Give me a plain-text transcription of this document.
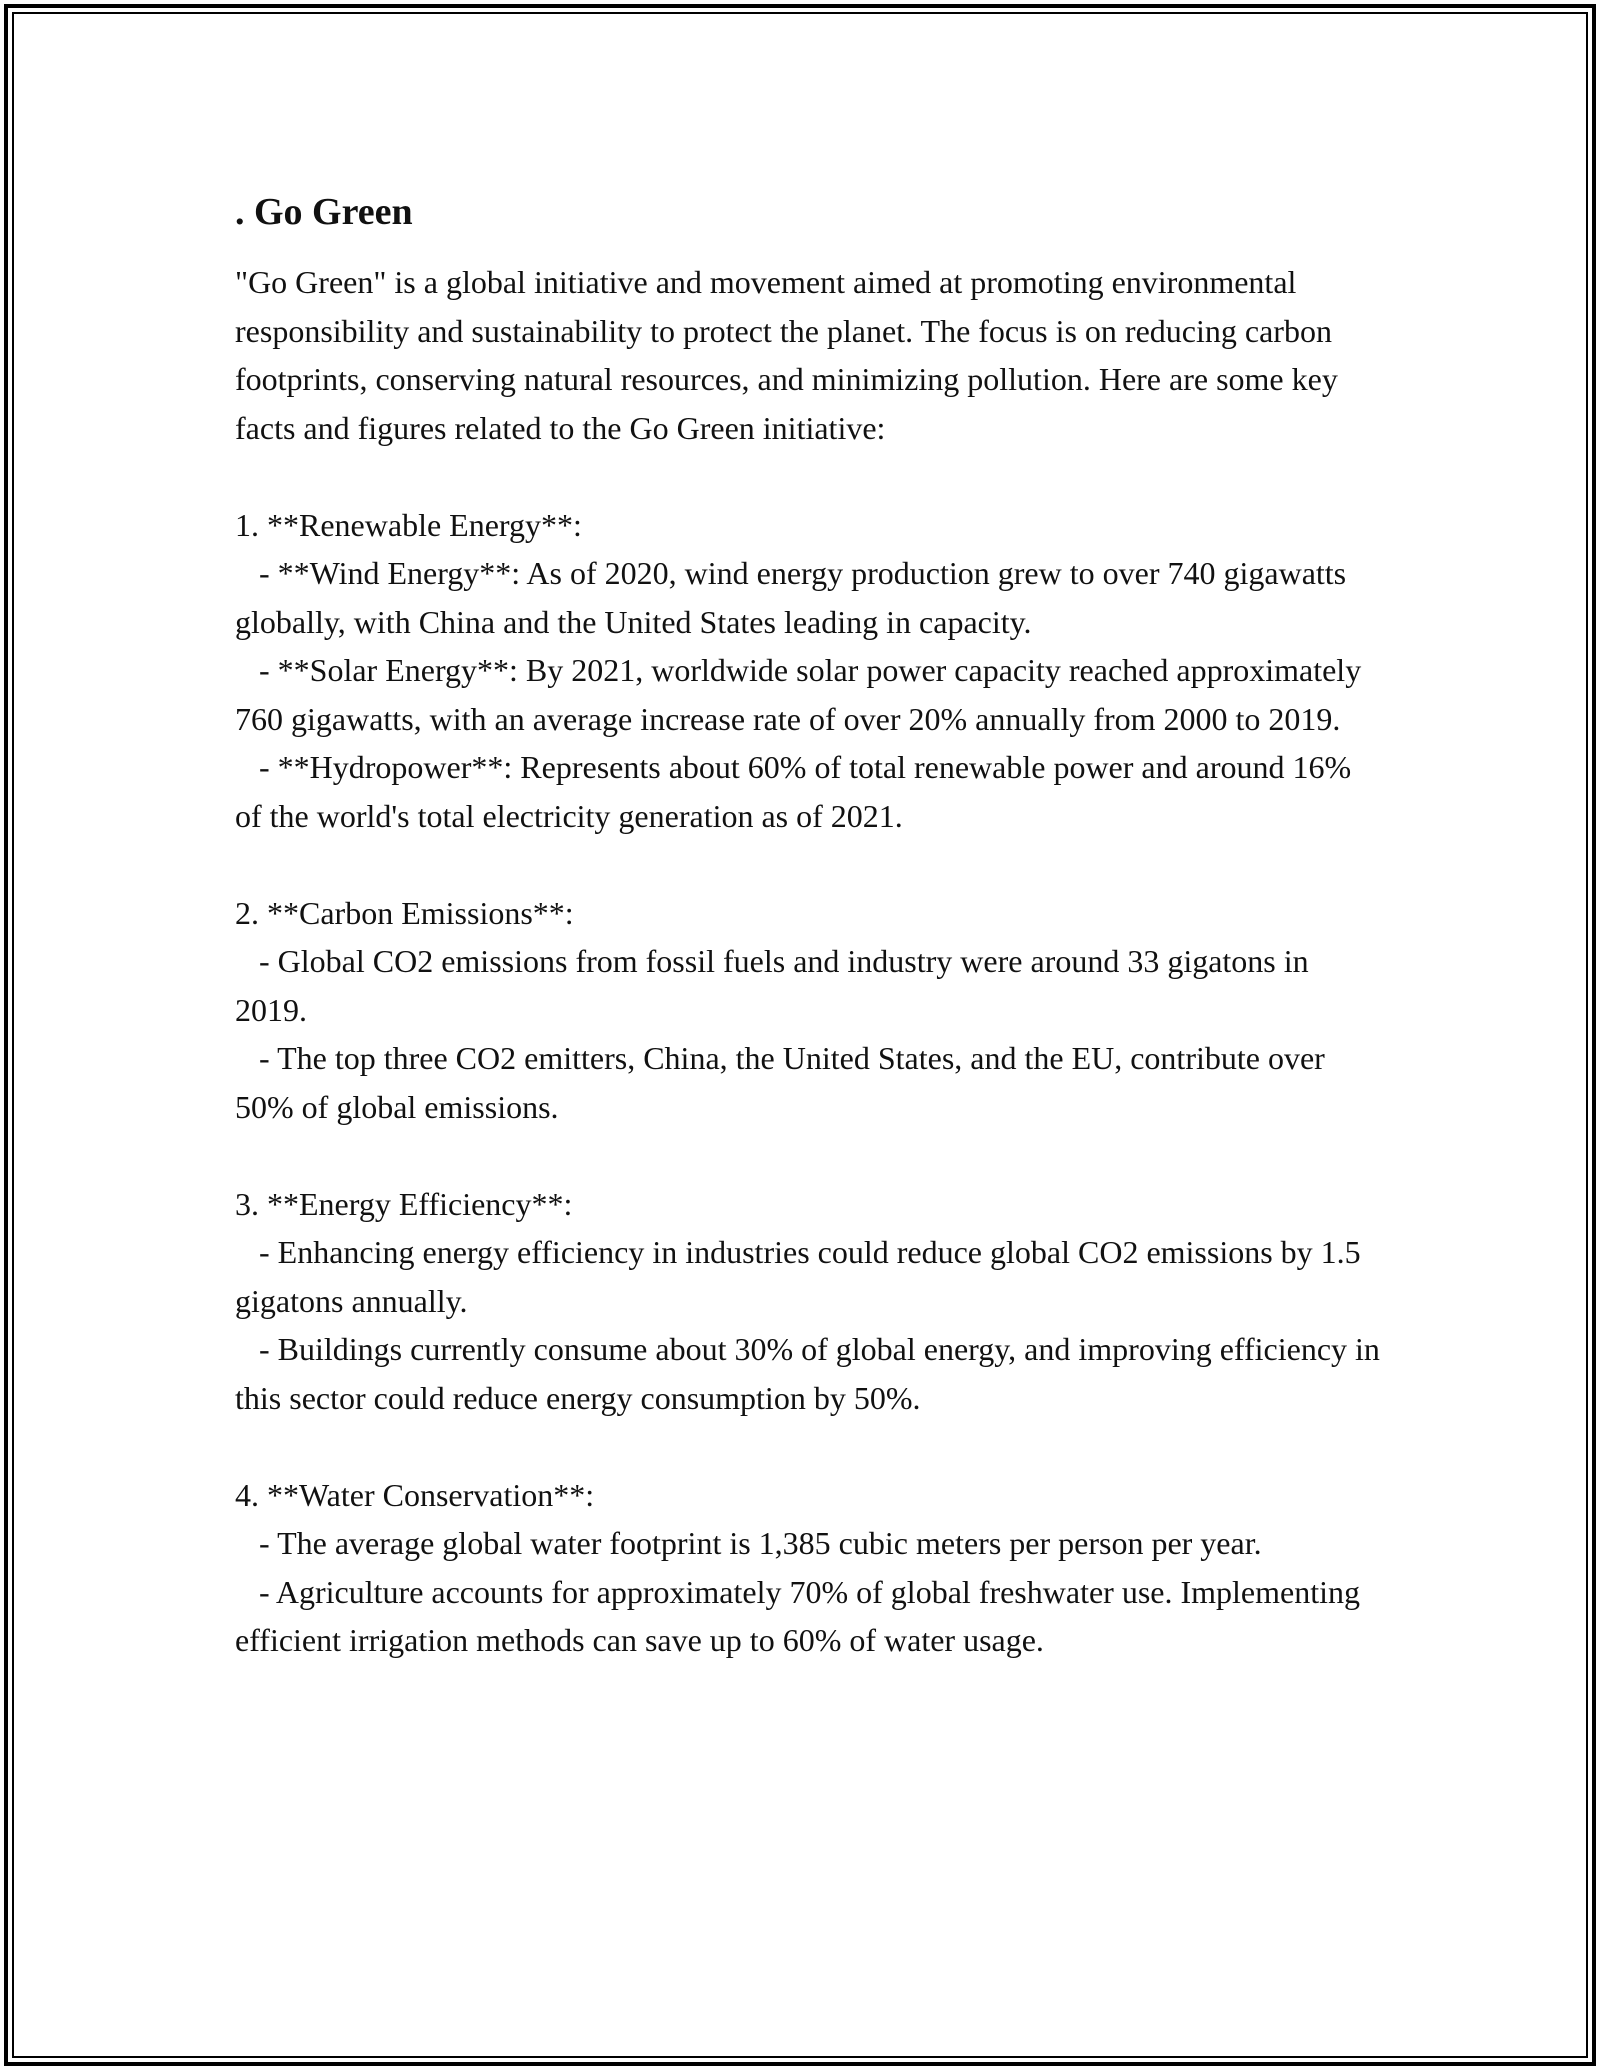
. Go Green

"Go Green" is a global initiative and movement aimed at promoting environmental responsibility and sustainability to protect the planet. The focus is on reducing carbon footprints, conserving natural resources, and minimizing pollution. Here are some key facts and figures related to the Go Green initiative:

1. **Renewable Energy**:

- **Wind Energy**: As of 2020, wind energy production grew to over 740 gigawatts globally, with China and the United States leading in capacity.

- **Solar Energy**: By 2021, worldwide solar power capacity reached approximately 760 gigawatts, with an average increase rate of over 20% annually from 2000 to 2019.

- **Hydropower**: Represents about 60% of total renewable power and around 16% of the world's total electricity generation as of 2021.

2. **Carbon Emissions**:

- Global CO2 emissions from fossil fuels and industry were around 33 gigatons in 2019.

- The top three CO2 emitters, China, the United States, and the EU, contribute over 50% of global emissions.

3. **Energy Efficiency**:

- Enhancing energy efficiency in industries could reduce global CO2 emissions by 1.5 gigatons annually.

- Buildings currently consume about 30% of global energy, and improving efficiency in this sector could reduce energy consumption by 50%.

4. **Water Conservation**:

- The average global water footprint is 1,385 cubic meters per person per year.

- Agriculture accounts for approximately 70% of global freshwater use. Implementing efficient irrigation methods can save up to 60% of water usage.
